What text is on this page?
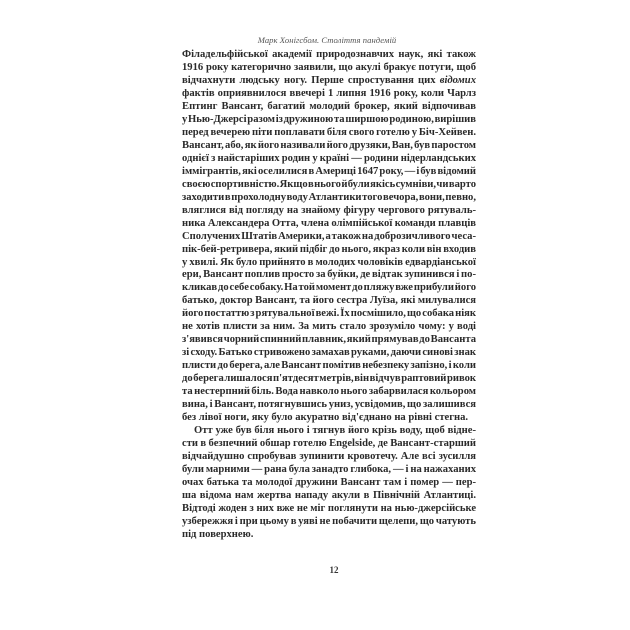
Марк Хонігсбом. Століття пандемій
Філадельфійської академії природознавчих наук, які також
1916 року категорично заявили, що акулі бракує потуги, щоб
відчахнути людську ногу. Перше спростування цих відомих
фактів оприявнилося ввечері 1 липня 1916 року, коли Чарлз
Ептинг Вансант, багатий молодий брокер, який відпочивав
у Нью-Джерсі разом із дружиною та ширшою родиною, вирішив
перед вечерею піти поплавати біля свого готелю у Біч-Хейвен.
Вансант, або, як його називали його друзяки, Ван, був паростом
однієї з найстаріших родин у країні — родини нідерландських
іммігрантів, які оселилися в Америці 1647 року, — і був відомий
своєю спортивністю. Якщо в нього й були якісь сумніви, чи варто
заходити в прохолодну воду Атлантики того вечора, вони, певно,
вляглися від погляду на знайому фігуру чергового рятуваль-
ника Александера Отта, члена олімпійської команди плавців
Сполучених Штатів Америки, а також на доброзичливого чеса-
пік-бей-ретривера, який підбіг до нього, якраз коли він входив
у хвилі. Як було прийнято в молодих чоловіків едвардіанської
ери, Вансант поплив просто за буйки, де відтак зупинився і по-
кликав до себе собаку. На той момент до пляжу вже прибули його
батько, доктор Вансант, та його сестра Луїза, які милувалися
його постаттю з рятувальної вежі. Їх посмішило, що собака ніяк
не хотів плисти за ним. За мить стало зрозуміло чому: у воді
з'явився чорний спинний плавник, який прямував до Вансанта
зі сходу. Батько стривожено замахав руками, даючи синові знак
плисти до берега, але Вансант помітив небезпеку запізно, і коли
до берега лишалося п'ятдесят метрів, він відчув раптовий ривок
та нестерпний біль. Вода навколо нього забарвилася кольором
вина, і Вансант, потягнувшись униз, усвідомив, що залишився
без лівої ноги, яку було акуратно від'єднано на рівні стегна.
Отт уже був біля нього і тягнув його крізь воду, щоб відне-
сти в безпечний обшар готелю Engelside, де Вансант-старший
відчайдушно спробував зупинити кровотечу. Але всі зусилля
були марними — рана була занадто глибока, — і на нажаханих
очах батька та молодої дружини Вансант там і помер — пер-
ша відома нам жертва нападу акули в Північній Атлантиці.
Відтоді жоден з них вже не міг поглянути на нью-джерсійське
узбережжя і при цьому в уяві не побачити щелепи, що чатують
під поверхнею.
12
